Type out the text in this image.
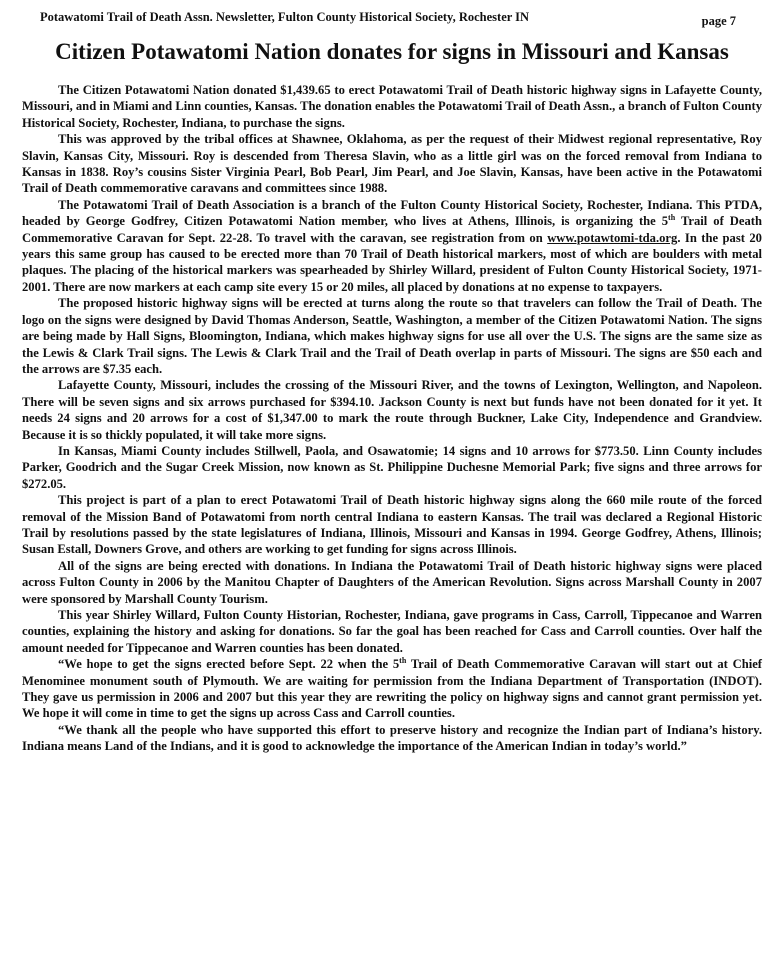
Potawatomi Trail of Death Assn. Newsletter, Fulton County Historical Society, Rochester IN	page 7
Citizen Potawatomi Nation donates for signs in Missouri and Kansas

The Citizen Potawatomi Nation donated $1,439.65 to erect Potawatomi Trail of Death historic highway signs in Lafayette County, Missouri, and in Miami and Linn counties, Kansas. The donation enables the Potawatomi Trail of Death Assn., a branch of Fulton County Historical Society, Rochester, Indiana, to purchase the signs.

This was approved by the tribal offices at Shawnee, Oklahoma, as per the request of their Midwest regional representative, Roy Slavin, Kansas City, Missouri. Roy is descended from Theresa Slavin, who as a little girl was on the forced removal from Indiana to Kansas in 1838. Roy’s cousins Sister Virginia Pearl, Bob Pearl, Jim Pearl, and Joe Slavin, Kansas, have been active in the Potawatomi Trail of Death commemorative caravans and committees since 1988.

The Potawatomi Trail of Death Association is a branch of the Fulton County Historical Society, Rochester, Indiana. This PTDA, headed by George Godfrey, Citizen Potawatomi Nation member, who lives at Athens, Illinois, is organizing the 5th Trail of Death Commemorative Caravan for Sept. 22-28. To travel with the caravan, see registration from on www.potawtomi-tda.org. In the past 20 years this same group has caused to be erected more than 70 Trail of Death historical markers, most of which are boulders with metal plaques. The placing of the historical markers was spearheaded by Shirley Willard, president of Fulton County Historical Society, 1971-2001. There are now markers at each camp site every 15 or 20 miles, all placed by donations at no expense to taxpayers.

The proposed historic highway signs will be erected at turns along the route so that travelers can follow the Trail of Death. The logo on the signs were designed by David Thomas Anderson, Seattle, Washington, a member of the Citizen Potawatomi Nation. The signs are being made by Hall Signs, Bloomington, Indiana, which makes highway signs for use all over the U.S. The signs are the same size as the Lewis & Clark Trail signs. The Lewis & Clark Trail and the Trail of Death overlap in parts of Missouri. The signs are $50 each and the arrows are $7.35 each.

Lafayette County, Missouri, includes the crossing of the Missouri River, and the towns of Lexington, Wellington, and Napoleon. There will be seven signs and six arrows purchased for $394.10. Jackson County is next but funds have not been donated for it yet. It needs 24 signs and 20 arrows for a cost of $1,347.00 to mark the route through Buckner, Lake City, Independence and Grandview. Because it is so thickly populated, it will take more signs.

In Kansas, Miami County includes Stillwell, Paola, and Osawatomie; 14 signs and 10 arrows for $773.50. Linn County includes Parker, Goodrich and the Sugar Creek Mission, now known as St. Philippine Duchesne Memorial Park; five signs and three arrows for $272.05.

This project is part of a plan to erect Potawatomi Trail of Death historic highway signs along the 660 mile route of the forced removal of the Mission Band of Potawatomi from north central Indiana to eastern Kansas. The trail was declared a Regional Historic Trail by resolutions passed by the state legislatures of Indiana, Illinois, Missouri and Kansas in 1994. George Godfrey, Athens, Illinois; Susan Estall, Downers Grove, and others are working to get funding for signs across Illinois.

All of the signs are being erected with donations. In Indiana the Potawatomi Trail of Death historic highway signs were placed across Fulton County in 2006 by the Manitou Chapter of Daughters of the American Revolution. Signs across Marshall County in 2007 were sponsored by Marshall County Tourism.

This year Shirley Willard, Fulton County Historian, Rochester, Indiana, gave programs in Cass, Carroll, Tippecanoe and Warren counties, explaining the history and asking for donations. So far the goal has been reached for Cass and Carroll counties. Over half the amount needed for Tippecanoe and Warren counties has been donated.

“We hope to get the signs erected before Sept. 22 when the 5th Trail of Death Commemorative Caravan will start out at Chief Menominee monument south of Plymouth. We are waiting for permission from the Indiana Department of Transportation (INDOT). They gave us permission in 2006 and 2007 but this year they are rewriting the policy on highway signs and cannot grant permission yet. We hope it will come in time to get the signs up across Cass and Carroll counties.

“We thank all the people who have supported this effort to preserve history and recognize the Indian part of Indiana’s history. Indiana means Land of the Indians, and it is good to acknowledge the importance of the American Indian in today’s world.”
